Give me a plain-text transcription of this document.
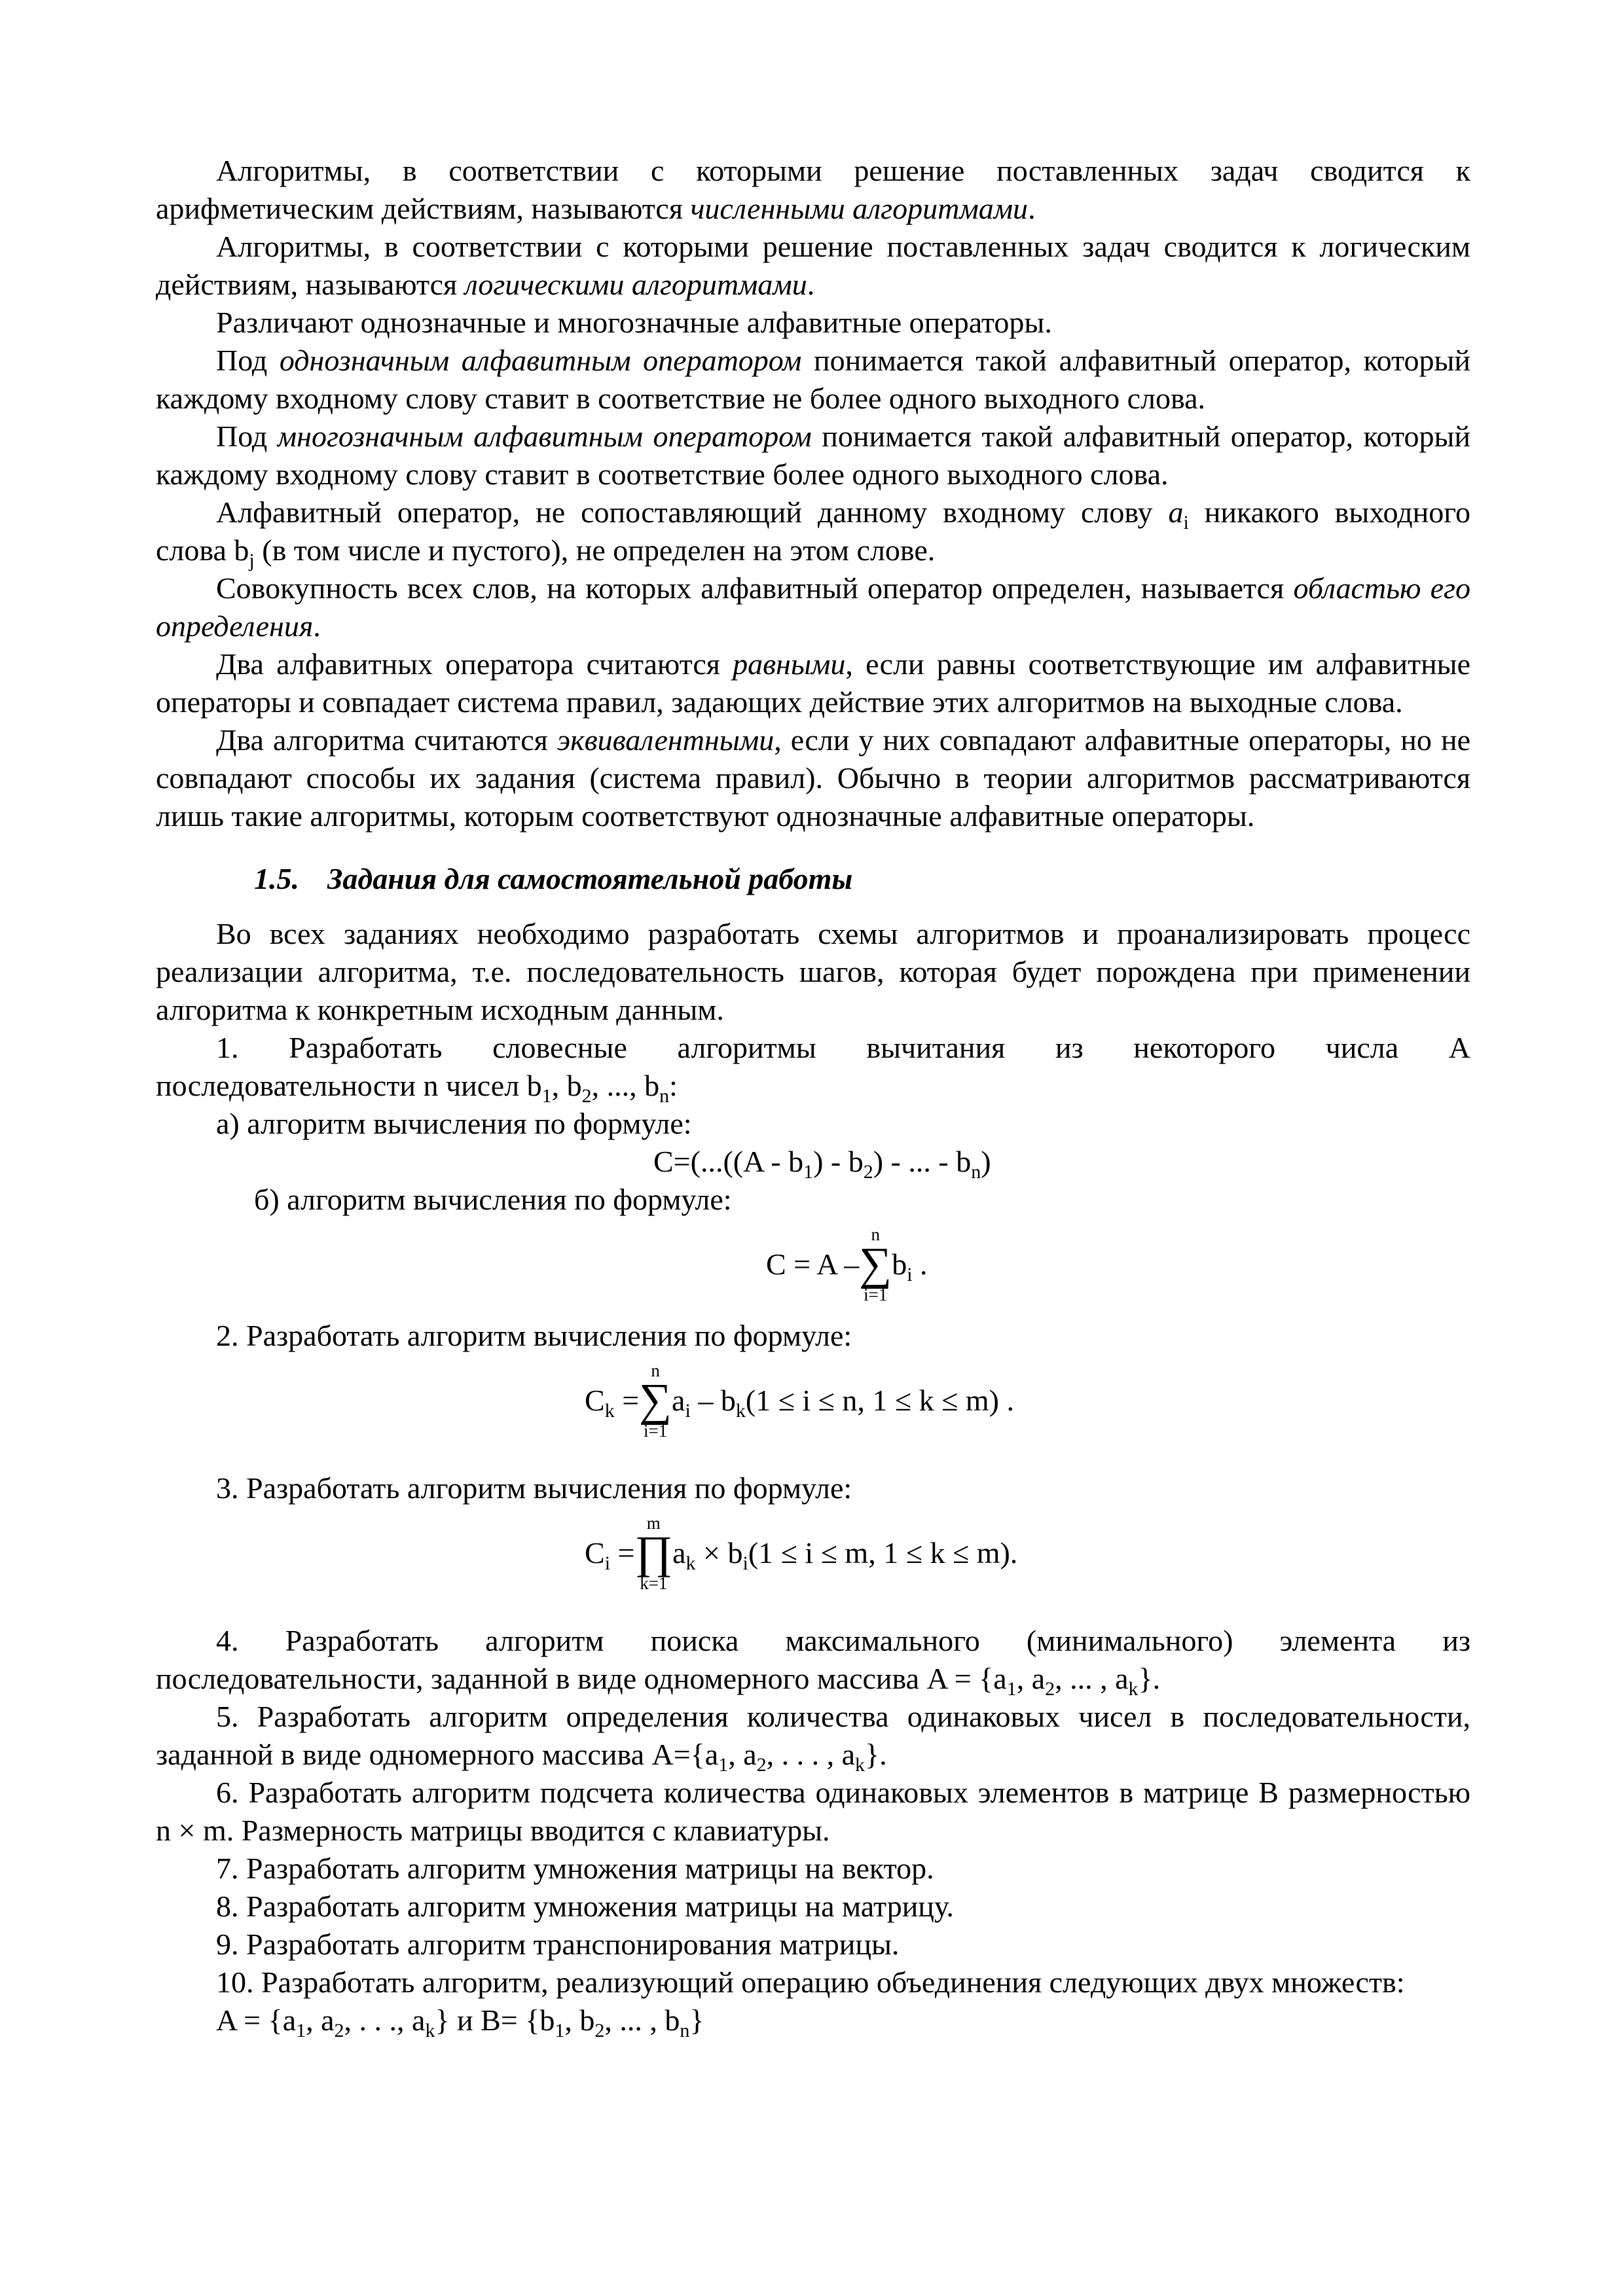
Алгоритмы, в соответствии с которыми решение поставленных задач сводится к арифметическим действиям, называются численными алгоритмами.

Алгоритмы, в соответствии с которыми решение поставленных задач сводится к логическим действиям, называются логическими алгоритмами.

Различают однозначные и многозначные алфавитные операторы.

Под однозначным алфавитным оператором понимается такой алфавитный оператор, который каждому входному слову ставит в соответствие не более одного выходного слова.

Под многозначным алфавитным оператором понимается такой алфавитный оператор, который каждому входному слову ставит в соответствие более одного выходного слова.

Алфавитный оператор, не сопоставляющий данному входному слову $a_i$ никакого выходного слова $b_j$ (в том числе и пустого), не определен на этом слове.

Совокупность всех слов, на которых алфавитный оператор определен, называется областью его определения.

Два алфавитных оператора считаются равными, если равны соответствующие им алфавитные операторы и совпадает система правил, задающих действие этих алгоритмов на выходные слова.

Два алгоритма считаются эквивалентными, если у них совпадают алфавитные операторы, но не совпадают способы их задания (система правил). Обычно в теории алгоритмов рассматриваются лишь такие алгоритмы, которым соответствуют однозначные алфавитные операторы.

1.5. Задания для самостоятельной работы

Во всех заданиях необходимо разработать схемы алгоритмов и проанализировать процесс реализации алгоритма, т.е. последовательность шагов, которая будет порождена при применении алгоритма к конкретным исходным данным.

1. Разработать словесные алгоритмы вычитания из некоторого числа А

последовательности n чисел $b_1$, $b_2$, ..., $b_n$:

а) алгоритм вычисления по формуле:

$C=(...((A - b_1) - b_2)$ - ... - $b_n$)

б) алгоритм вычисления по формуле:

C = A –
n
∑
i=1
$b_i$ .

2. Разработать алгоритм вычисления по формуле:

$C_k$ =
n
∑
i=1
$a_i - b_k(1 \le i \le n$, 1 ≤ k ≤ m) .

3. Разработать алгоритм вычисления по формуле:

$C_i$ =
m
∏
k=1
$a_k \times b_i(1 \le i \le m$, 1 ≤ k ≤ m).

4. Разработать алгоритм поиска максимального (минимального) элемента из последовательности, заданной в виде одномерного массива $A = \{a_1$, $a_2$, ... , $a_k$}.

5. Разработать алгоритм определения количества одинаковых чисел в последовательности, заданной в виде одномерного массива $A=\{a_1$, $a_2$, . . . , $a_k$}.

6. Разработать алгоритм подсчета количества одинаковых элементов в матрице В размерностью n × m. Размерность матрицы вводится с клавиатуры.

7. Разработать алгоритм умножения матрицы на вектор.

8. Разработать алгоритм умножения матрицы на матрицу.

9. Разработать алгоритм транспонирования матрицы.

10. Разработать алгоритм, реализующий операцию объединения следующих двух множеств:

$A = \{a_1$, $a_2$, . . ., $a_k$} и $B= \{b_1$, $b_2$, ... , $b_n$}
